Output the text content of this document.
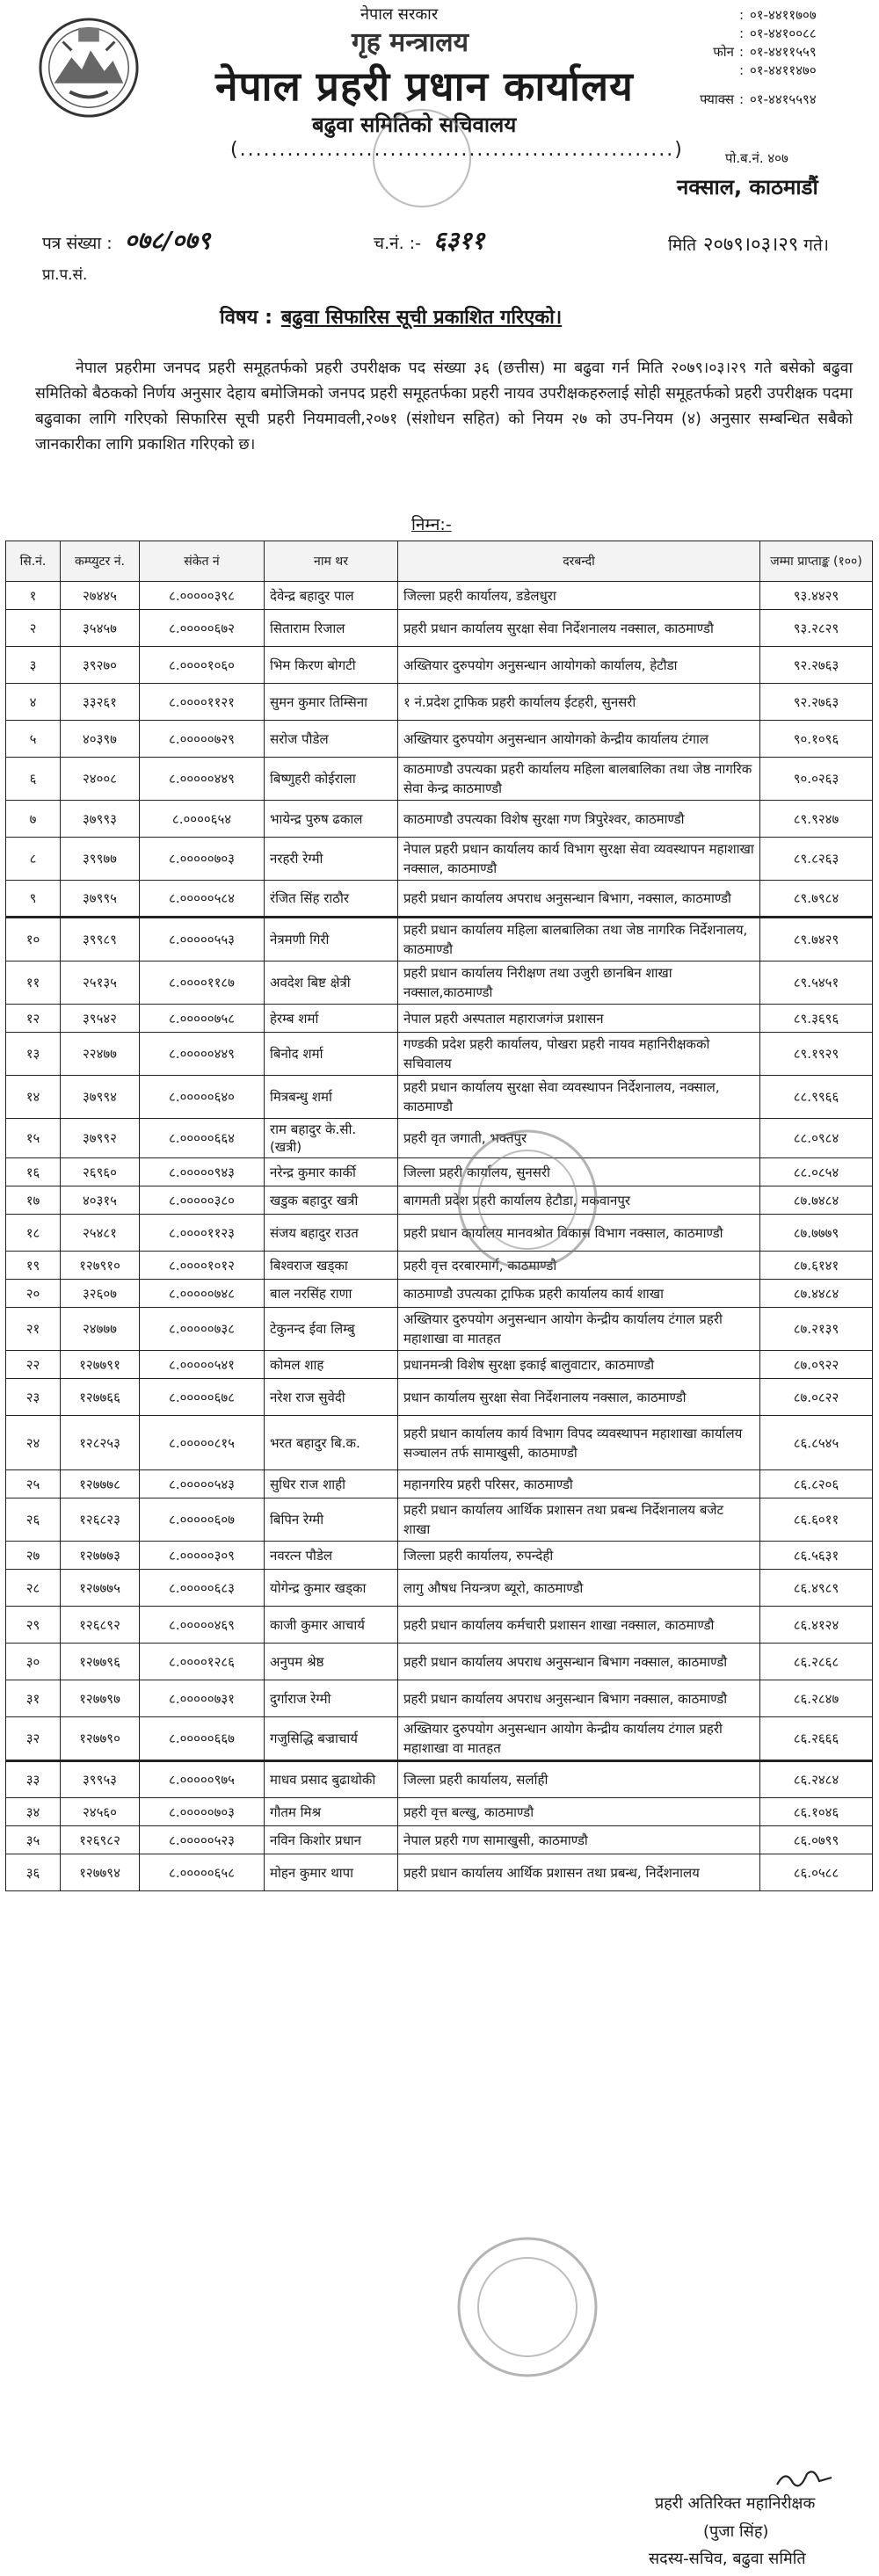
नेपाल सरकार
गृह मन्त्रालय
नेपाल प्रहरी प्रधान कार्यालय
बढुवा समितिको सचिवालय
(.......................................................)
: ०१-४४११७०७
: ०१-४४१००८८
फोन : ०१-४४११५५९
: ०१-४४११४७०
फ्याक्स : ०१-४४१५५९४
पो.ब.नं. ४०७
नक्साल, काठमाडौं
पत्र संख्या : ०७८/०७९	च.नं. :- ६३११	मिति २०७९।०३।२९ गते।
प्रा.प.सं.
विषय : बढुवा सिफारिस सूची प्रकाशित गरिएको।
नेपाल प्रहरीमा जनपद प्रहरी समूहतर्फको प्रहरी उपरीक्षक पद संख्या ३६ (छत्तीस) मा बढुवा गर्न मिति २०७९।०३।२९ गते बसेको बढुवा समितिको बैठकको निर्णय अनुसार देहाय बमोजिमको जनपद प्रहरी समूहतर्फका प्रहरी नायव उपरीक्षकहरुलाई सोही समूहतर्फको प्रहरी उपरीक्षक पदमा बढुवाका लागि गरिएको सिफारिस सूची प्रहरी नियमावली,२०७१ (संशोधन सहित) को नियम २७ को उप-नियम (४) अनुसार सम्बन्धित सबैको जानकारीका लागि प्रकाशित गरिएको छ।
निम्न:-
सि.नं.	कम्प्युटर नं.	संकेत नं	नाम थर	दरबन्दी	जम्मा प्राप्ताङ्क (१००)
१	२७४४५	८.०००००३९८	देवेन्द्र बहादुर पाल	जिल्ला प्रहरी कार्यालय, डडेलधुरा	९३.४४२९
२	३५४५७	८.०००००६७२	सिताराम रिजाल	प्रहरी प्रधान कार्यालय सुरक्षा सेवा निर्देशनालय नक्साल, काठमाण्डौ	९३.२८२९
३	३९२७०	८.००००१०६०	भिम किरण बोगटी	अख्तियार दुरुपयोग अनुसन्धान आयोगको कार्यालय, हेटौडा	९२.२७६३
४	३३२६१	८.००००११२१	सुमन कुमार तिम्सिना	१ नं.प्रदेश ट्राफिक प्रहरी कार्यालय ईटहरी, सुनसरी	९२.२७६३
५	४०३९७	८.०००००७२९	सरोज पौडेल	अख्तियार दुरुपयोग अनुसन्धान आयोगको केन्द्रीय कार्यालय टंगाल	९०.१०९६
६	२४००८	८.०००००४४९	बिष्णुहरी कोईराला	काठमाण्डौ उपत्यका प्रहरी कार्यालय महिला बालबालिका तथा जेष्ठ नागरिक सेवा केन्द्र काठमाण्डौ	९०.०२६३
७	३७९९३	८.००००६५४	भायेन्द्र पुरुष ढकाल	काठमाण्डौ उपत्यका विशेष सुरक्षा गण त्रिपुरेश्वर, काठमाण्डौ	८९.९२४७
८	३९९७७	८.०००००७०३	नरहरी रेग्मी	नेपाल प्रहरी प्रधान कार्यालय कार्य विभाग सुरक्षा सेवा व्यवस्थापन महाशाखा नक्साल, काठमाण्डौ	८९.८२६३
९	३७९९५	८.०००००५८४	रंजित सिंह राठौर	प्रहरी प्रधान कार्यालय अपराध अनुसन्धान बिभाग, नक्साल, काठमाण्डौ	८९.७९८४
१०	३९९८९	८.०००००५५३	नेत्रमणी गिरी	प्रहरी प्रधान कार्यालय महिला बालबालिका तथा जेष्ठ नागरिक निर्देशनालय, काठमाण्डौ	८९.७४२९
११	२५१३५	८.००००११८७	अवदेश बिष्ट क्षेत्री	प्रहरी प्रधान कार्यालय निरीक्षण तथा उजुरी छानबिन शाखा नक्साल,काठमाण्डौ	८९.५४५१
१२	३९५४२	८.०००००७५८	हेरम्ब शर्मा	नेपाल प्रहरी अस्पताल महाराजगंज प्रशासन	८९.३६९६
१३	२२४७७	८.०००००४४९	बिनोद शर्मा	गण्डकी प्रदेश प्रहरी कार्यालय, पोखरा प्रहरी नायव महानिरीक्षकको सचिवालय	८९.१९२९
१४	३७९९४	८.०००००६४०	मित्रबन्धु शर्मा	प्रहरी प्रधान कार्यालय सुरक्षा सेवा व्यवस्थापन निर्देशनालय, नक्साल, काठमाण्डौ	८८.९९६६
१५	३७९९२	८.०००००६६४	राम बहादुर के.सी. (खत्री)	प्रहरी वृत जगाती, भक्तपुर	८८.०९८४
१६	२६९६०	८.०००००९४३	नरेन्द्र कुमार कार्की	जिल्ला प्रहरी कार्यालय, सुनसरी	८८.०८५४
१७	४०३१५	८.०००००३८०	खडुक बहादुर खत्री	बागमती प्रदेश प्रहरी कार्यालय हेटौडा, मकवानपुर	८७.७४८४
१८	२५४८१	८.००००११२३	संजय बहादुर राउत	प्रहरी प्रधान कार्यालय मानवश्रोत विकास विभाग नक्साल, काठमाण्डौ	८७.७७७९
१९	१२७९१०	८.००००१०१२	बिश्वराज खड्का	प्रहरी वृत्त दरबारमार्ग, काठमाण्डौ	८७.६१४१
२०	३२६०७	८.०००००७४८	बाल नरसिंह राणा	काठमाण्डौ उपत्यका ट्राफिक प्रहरी कार्यालय कार्य शाखा	८७.४४८४
२१	२४७७७	८.०००००७३८	टेकुनन्द ईवा लिम्बु	अख्तियार दुरुपयोग अनुसन्धान आयोग केन्द्रीय कार्यालय टंगाल प्रहरी महाशाखा वा मातहत	८७.२१३९
२२	१२७७९१	८.०००००५४१	कोमल शाह	प्रधानमन्त्री विशेष सुरक्षा इकाई बालुवाटार, काठमाण्डौ	८७.०९२२
२३	१२७७६६	८.०००००६७८	नरेश राज सुवेदी	प्रधान कार्यालय सुरक्षा सेवा निर्देशनालय नक्साल, काठमाण्डौ	८७.०८२२
२४	१२८२५३	८.०००००८१५	भरत बहादुर बि.क.	प्रहरी प्रधान कार्यालय कार्य विभाग विपद व्यवस्थापन महाशाखा कार्यालय सञ्चालन तर्फ सामाखुसी, काठमाण्डौ	८६.८५४५
२५	१२७७७८	८.०००००५४३	सुधिर राज शाही	महानगरिय प्रहरी परिसर, काठमाण्डौ	८६.८२०६
२६	१२६८२३	८.०००००६०७	बिपिन रेग्मी	प्रहरी प्रधान कार्यालय आर्थिक प्रशासन तथा प्रबन्ध निर्देशनालय बजेट शाखा	८६.६०११
२७	१२७७७३	८.०००००३०९	नवरत्न पौडेल	जिल्ला प्रहरी कार्यालय, रुपन्देही	८६.५६३१
२८	१२७७७५	८.०००००६८३	योगेन्द्र कुमार खड्का	लागु औषध नियन्त्रण ब्यूरो, काठमाण्डौ	८६.४९८९
२९	१२६८९२	८.०००००४६९	काजी कुमार आचार्य	प्रहरी प्रधान कार्यालय कर्मचारी प्रशासन शाखा नक्साल, काठमाण्डौ	८६.४१२४
३०	१२७७९६	८.००००१२८६	अनुपम श्रेष्ठ	प्रहरी प्रधान कार्यालय अपराध अनुसन्धान बिभाग नक्साल, काठमाण्डौ	८६.२८६८
३१	१२७७९७	८.०००००७३१	दुर्गाराज रेग्मी	प्रहरी प्रधान कार्यालय अपराध अनुसन्धान बिभाग नक्साल, काठमाण्डौ	८६.२८४७
३२	१२७७९०	८.०००००६६७	गजुसिद्धि बज्राचार्य	अख्तियार दुरुपयोग अनुसन्धान आयोग केन्द्रीय कार्यालय टंगाल प्रहरी महाशाखा वा मातहत	८६.२६६६
३३	३९९५३	८.०००००९७५	माधव प्रसाद बुढाथोकी	जिल्ला प्रहरी कार्यालय, सर्लाही	८६.२४८४
३४	२४५६०	८.०००००७०३	गौतम मिश्र	प्रहरी वृत्त बल्खु, काठमाण्डौ	८६.१०४६
३५	१२६९८२	८.०००००५२३	नविन किशोर प्रधान	नेपाल प्रहरी गण सामाखुसी, काठमाण्डौ	८६.०७९९
३६	१२७७९४	८.०००००६५८	मोहन कुमार थापा	प्रहरी प्रधान कार्यालय आर्थिक प्रशासन तथा प्रबन्ध, निर्देशनालय	८६.०५८८
प्रहरी अतिरिक्त महानिरीक्षक
(पुजा सिंह)
सदस्य-सचिव, बढुवा समिति
